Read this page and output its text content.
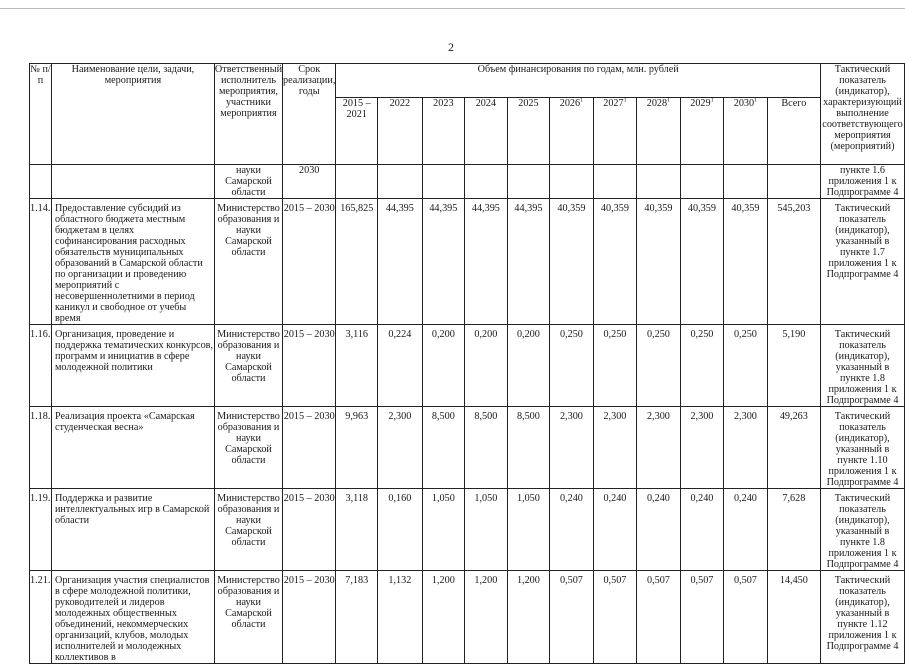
2
№ п/п	Наименование цели, задачи, мероприятия	Ответственный исполнитель мероприятия, участники мероприятия	Срок реализации, годы	Объем финансирования по годам, млн. рублей											Тактический показатель (индикатор), характеризующий выполнение соответствующего мероприятия (мероприятий)
				2015 – 2021	2022	2023	2024	2025	2026$^1$	2027$^1$	2028$^1$	2029$^1$	2030$^1$	Всего	
		науки Самарской области	2030												пункте 1.6 приложения 1 к Подпрограмме 4
1.14.	Предоставление субсидий из областного бюджета местным бюджетам в целях софинансирования расходных обязательств муниципальных образований в Самарской области по организации и проведению мероприятий с несовершеннолетними в период каникул и свободное от учебы время	Министерство образования и науки Самарской области	2015 – 2030	165,825	44,395	44,395	44,395	44,395	40,359	40,359	40,359	40,359	40,359	545,203	Тактический показатель (индикатор), указанный в пункте 1.7 приложения 1 к Подпрограмме 4
1.16.	Организация, проведение и поддержка тематических конкурсов, программ и инициатив в сфере молодежной политики	Министерство образования и науки Самарской области	2015 – 2030	3,116	0,224	0,200	0,200	0,200	0,250	0,250	0,250	0,250	0,250	5,190	Тактический показатель (индикатор), указанный в пункте 1.8 приложения 1 к Подпрограмме 4
1.18.	Реализация проекта «Самарская студенческая весна»	Министерство образования и науки Самарской области	2015 – 2030	9,963	2,300	8,500	8,500	8,500	2,300	2,300	2,300	2,300	2,300	49,263	Тактический показатель (индикатор), указанный в пункте 1.10 приложения 1 к Подпрограмме 4
1.19.	Поддержка и развитие интеллектуальных игр в Самарской области	Министерство образования и науки Самарской области	2015 – 2030	3,118	0,160	1,050	1,050	1,050	0,240	0,240	0,240	0,240	0,240	7,628	Тактический показатель (индикатор), указанный в пункте 1.8 приложения 1 к Подпрограмме 4
1.21.	Организация участия специалистов в сфере молодежной политики, руководителей и лидеров молодежных общественных объединений, некоммерческих организаций, клубов, молодых исполнителей и молодежных коллективов в	Министерство образования и науки Самарской области	2015 – 2030	7,183	1,132	1,200	1,200	1,200	0,507	0,507	0,507	0,507	0,507	14,450	Тактический показатель (индикатор), указанный в пункте 1.12 приложения 1 к Подпрограмме 4
